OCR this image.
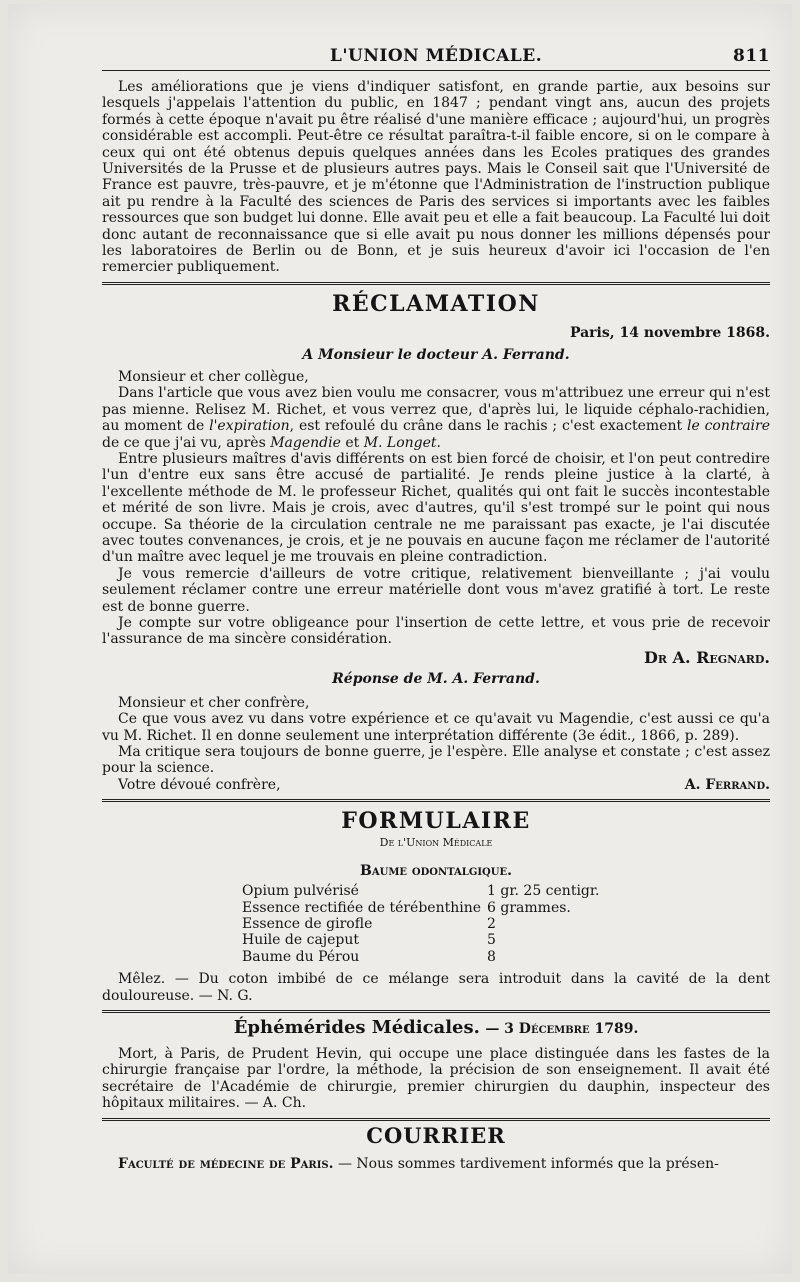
L'UNION MÉDICALE.	811

Les améliorations que je viens d'indiquer satisfont, en grande partie, aux besoins sur lesquels j'appelais l'attention du public, en 1847 ; pendant vingt ans, aucun des projets formés à cette époque n'avait pu être réalisé d'une manière efficace ; aujourd'hui, un progrès considérable est accompli. Peut-être ce résultat paraîtra-t-il faible encore, si on le compare à ceux qui ont été obtenus depuis quelques années dans les Ecoles pratiques des grandes Universités de la Prusse et de plusieurs autres pays. Mais le Conseil sait que l'Université de France est pauvre, très-pauvre, et je m'étonne que l'Administration de l'instruction publique ait pu rendre à la Faculté des sciences de Paris des services si importants avec les faibles ressources que son budget lui donne. Elle avait peu et elle a fait beaucoup. La Faculté lui doit donc autant de reconnaissance que si elle avait pu nous donner les millions dépensés pour les laboratoires de Berlin ou de Bonn, et je suis heureux d'avoir ici l'occasion de l'en remercier publiquement.

RÉCLAMATION
Paris, 14 novembre 1868.
A Monsieur le docteur A. Ferrand.

Monsieur et cher collègue,

Dans l'article que vous avez bien voulu me consacrer, vous m'attribuez une erreur qui n'est pas mienne. Relisez M. Richet, et vous verrez que, d'après lui, le liquide céphalo-rachidien, au moment de l'expiration, est refoulé du crâne dans le rachis ; c'est exactement le contraire de ce que j'ai vu, après Magendie et M. Longet.

Entre plusieurs maîtres d'avis différents on est bien forcé de choisir, et l'on peut contredire l'un d'entre eux sans être accusé de partialité. Je rends pleine justice à la clarté, à l'excellente méthode de M. le professeur Richet, qualités qui ont fait le succès incontestable et mérité de son livre. Mais je crois, avec d'autres, qu'il s'est trompé sur le point qui nous occupe. Sa théorie de la circulation centrale ne me paraissant pas exacte, je l'ai discutée avec toutes convenances, je crois, et je ne pouvais en aucune façon me réclamer de l'autorité d'un maître avec lequel je me trouvais en pleine contradiction.

Je vous remercie d'ailleurs de votre critique, relativement bienveillante ; j'ai voulu seulement réclamer contre une erreur matérielle dont vous m'avez gratifié à tort. Le reste est de bonne guerre.

Je compte sur votre obligeance pour l'insertion de cette lettre, et vous prie de recevoir l'assurance de ma sincère considération.

Dr A. Regnard.
Réponse de M. A. Ferrand.

Monsieur et cher confrère,

Ce que vous avez vu dans votre expérience et ce qu'avait vu Magendie, c'est aussi ce qu'a vu M. Richet. Il en donne seulement une interprétation différente (3e édit., 1866, p. 289).

Ma critique sera toujours de bonne guerre, je l'espère. Elle analyse et constate ; c'est assez pour la science.

Votre dévoué confrère,	A. Ferrand.

FORMULAIRE
De l'Union Médicale
Baume odontalgique.
Opium pulvérisé	1 gr. 25 centigr.
Essence rectifiée de térébenthine	6 grammes.
Essence de girofle	2
Huile de cajeput	5
Baume du Pérou	8

Mêlez. — Du coton imbibé de ce mélange sera introduit dans la cavité de la dent douloureuse. — N. G.

Éphémérides Médicales. — 3 Décembre 1789.

Mort, à Paris, de Prudent Hevin, qui occupe une place distinguée dans les fastes de la chirurgie française par l'ordre, la méthode, la précision de son enseignement. Il avait été secrétaire de l'Académie de chirurgie, premier chirurgien du dauphin, inspecteur des hôpitaux militaires. — A. Ch.

COURRIER

Faculté de médecine de Paris. — Nous sommes tardivement informés que la présen-
